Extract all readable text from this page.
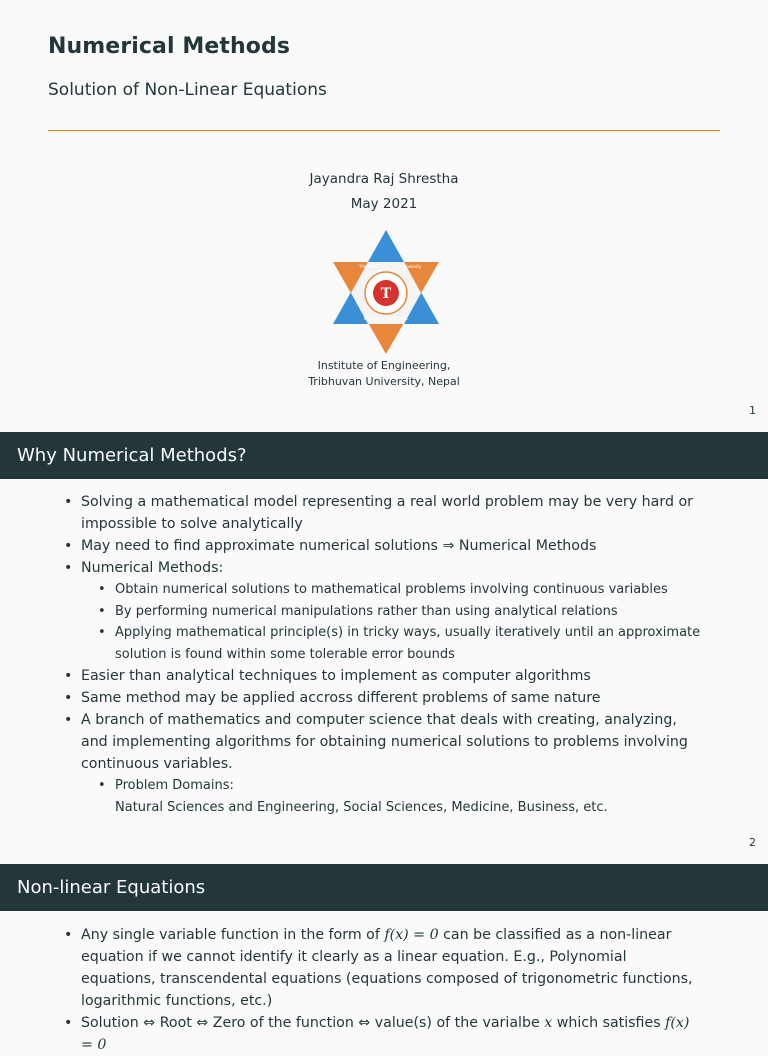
Numerical Methods
Solution of Non-Linear Equations
Jayandra Raj Shrestha
May 2021
T
KATHMANDU NEPAL
Tribhuvan	University
Institute of Engineering,
Tribhuvan University, Nepal
1
Why Numerical Methods?
• Solving a mathematical model representing a real world problem may be very hard or impossible to solve analytically
• May need to find approximate numerical solutions ⇒ Numerical Methods
• Numerical Methods:
• Obtain numerical solutions to mathematical problems involving continuous variables
• By performing numerical manipulations rather than using analytical relations
• Applying mathematical principle(s) in tricky ways, usually iteratively until an approximate solution is found within some tolerable error bounds
• Easier than analytical techniques to implement as computer algorithms
• Same method may be applied accross different problems of same nature
• A branch of mathematics and computer science that deals with creating, analyzing, and implementing algorithms for obtaining numerical solutions to problems involving continuous variables.
• Problem Domains:
Natural Sciences and Engineering, Social Sciences, Medicine, Business, etc.
2
Non-linear Equations
• Any single variable function in the form of f(x) = 0 can be classified as a non-linear equation if we cannot identify it clearly as a linear equation. E.g., Polynomial equations, transcendental equations (equations composed of trigonometric functions, logarithmic functions, etc.)
• Solution ⇔ Root ⇔ Zero of the function ⇔ value(s) of the varialbe x which satisfies f(x) = 0
